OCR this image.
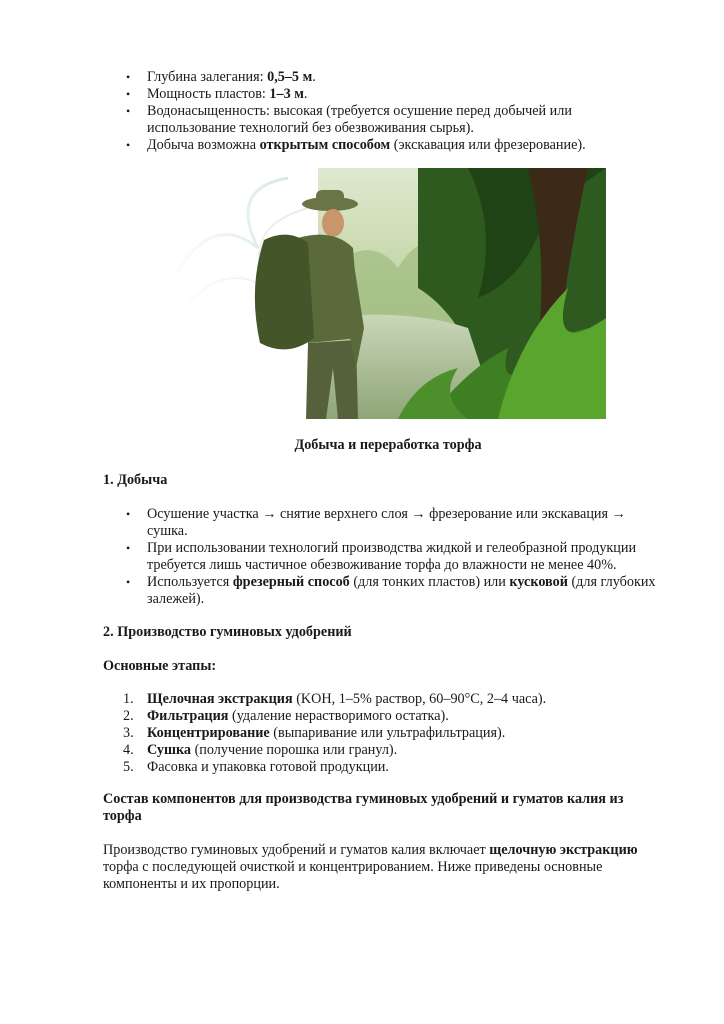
• Глубина залегания: 0,5–5 м.
• Мощность пластов: 1–3 м.
• Водонасыщенность: высокая (требуется осушение перед добычей или использование технологий без обезвоживания сырья).
• Добыча возможна открытым способом (экскавация или фрезерование).
Добыча и переработка торфа
1. Добыча
• Осушение участка → снятие верхнего слоя → фрезерование или экскавация → сушка.
• При использовании технологий производства жидкой и гелеобразной продукции требуется лишь частичное обезвоживание торфа до влажности не менее 40%.
• Используется фрезерный способ (для тонких пластов) или кусковой (для глубоких залежей).
2. Производство гуминовых удобрений
Основные этапы:
1. Щелочная экстракция (KOH, 1–5% раствор, 60–90°C, 2–4 часа).
2. Фильтрация (удаление нерастворимого остатка).
3. Концентрирование (выпаривание или ультрафильтрация).
4. Сушка (получение порошка или гранул).
5. Фасовка и упаковка готовой продукции.
Состав компонентов для производства гуминовых удобрений и гуматов калия из торфа
Производство гуминовых удобрений и гуматов калия включает щелочную экстракцию торфа с последующей очисткой и концентрированием. Ниже приведены основные компоненты и их пропорции.
